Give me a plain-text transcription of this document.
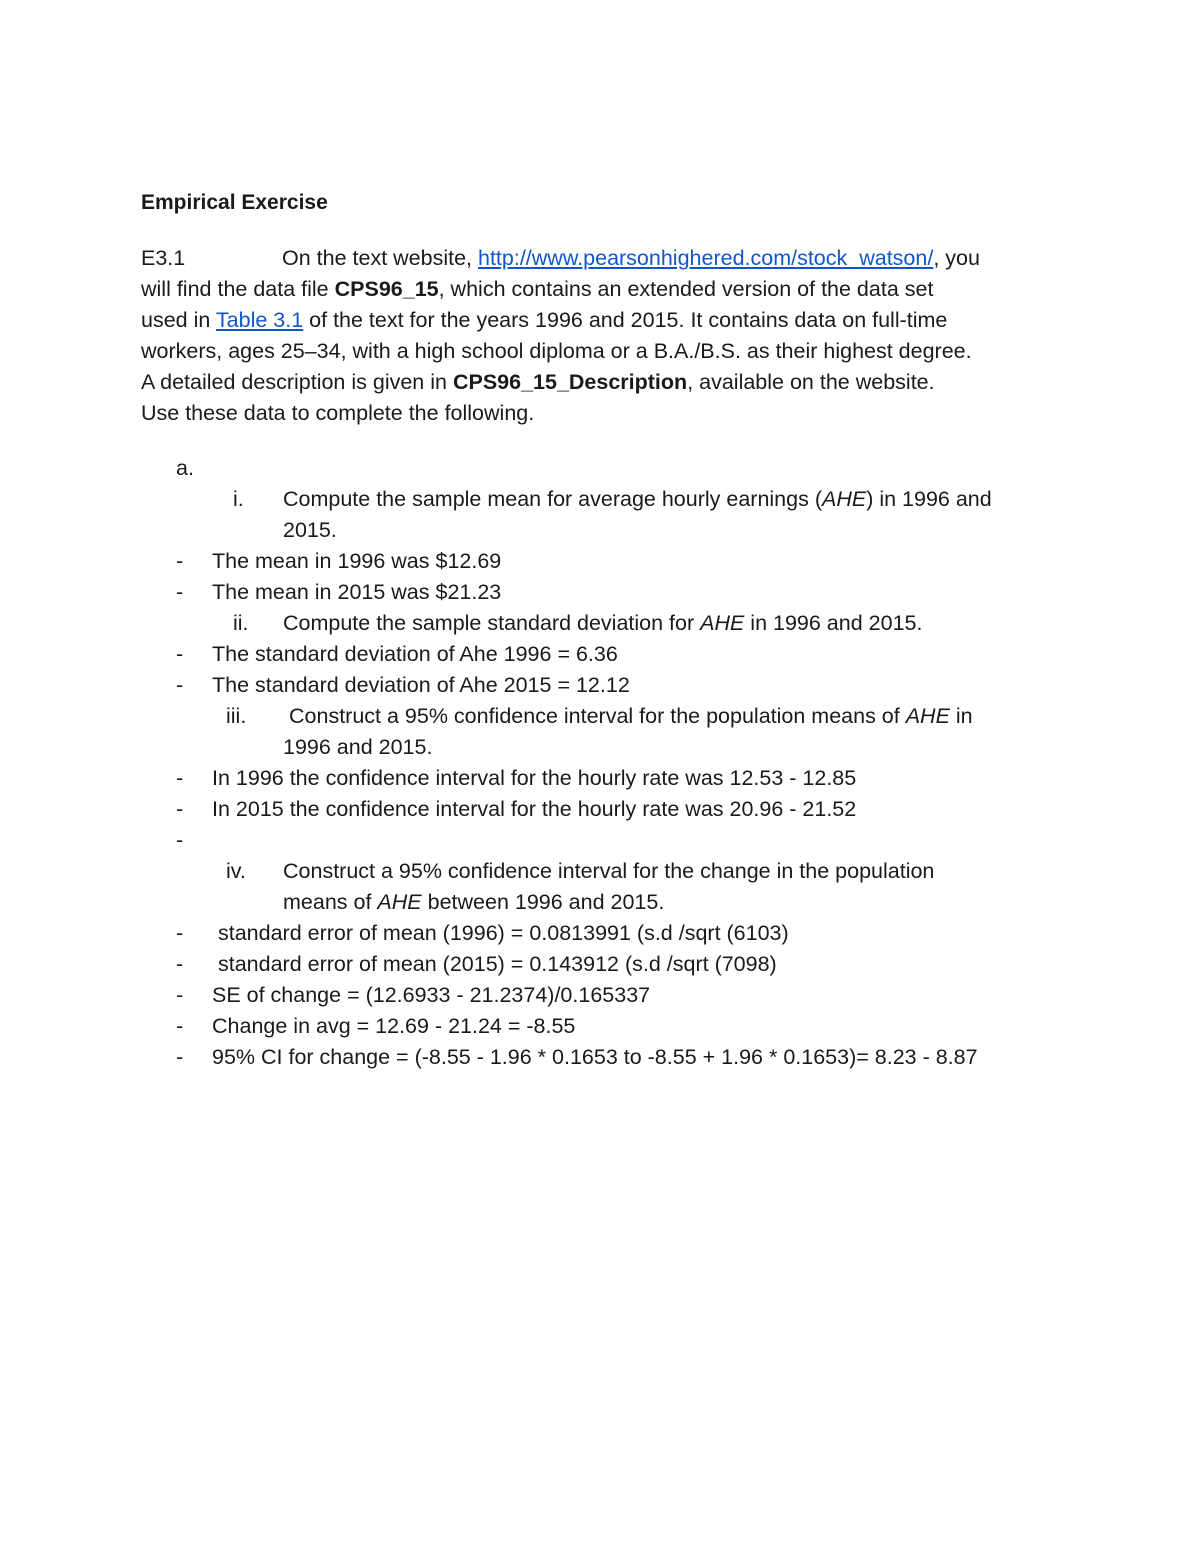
Empirical Exercise
E3.1	On the text website, http://www.pearsonhighered.com/stock_watson/, you
will find the data file CPS96_15, which contains an extended version of the data set
used in Table 3.1 of the text for the years 1996 and 2015. It contains data on full-time
workers, ages 25–34, with a high school diploma or a B.A./B.S. as their highest degree.
A detailed description is given in CPS96_15_Description, available on the website.
Use these data to complete the following.
a.
i. Compute the sample mean for average hourly earnings (AHE) in 1996 and
2015.
- The mean in 1996 was $12.69
- The mean in 2015 was $21.23
ii. Compute the sample standard deviation for AHE in 1996 and 2015.
- The standard deviation of Ahe 1996 = 6.36
- The standard deviation of Ahe 2015 = 12.12
iii. Construct a 95% confidence interval for the population means of AHE in
1996 and 2015.
- In 1996 the confidence interval for the hourly rate was 12.53 - 12.85
- In 2015 the confidence interval for the hourly rate was 20.96 - 21.52
-
iv. Construct a 95% confidence interval for the change in the population
means of AHE between 1996 and 2015.
- standard error of mean (1996) = 0.0813991 (s.d /sqrt (6103)
- standard error of mean (2015) = 0.143912 (s.d /sqrt (7098)
- SE of change = (12.6933 - 21.2374)/0.165337
- Change in avg = 12.69 - 21.24 = -8.55
- 95% CI for change = (-8.55 - 1.96 * 0.1653 to -8.55 + 1.96 * 0.1653)= 8.23 - 8.87
